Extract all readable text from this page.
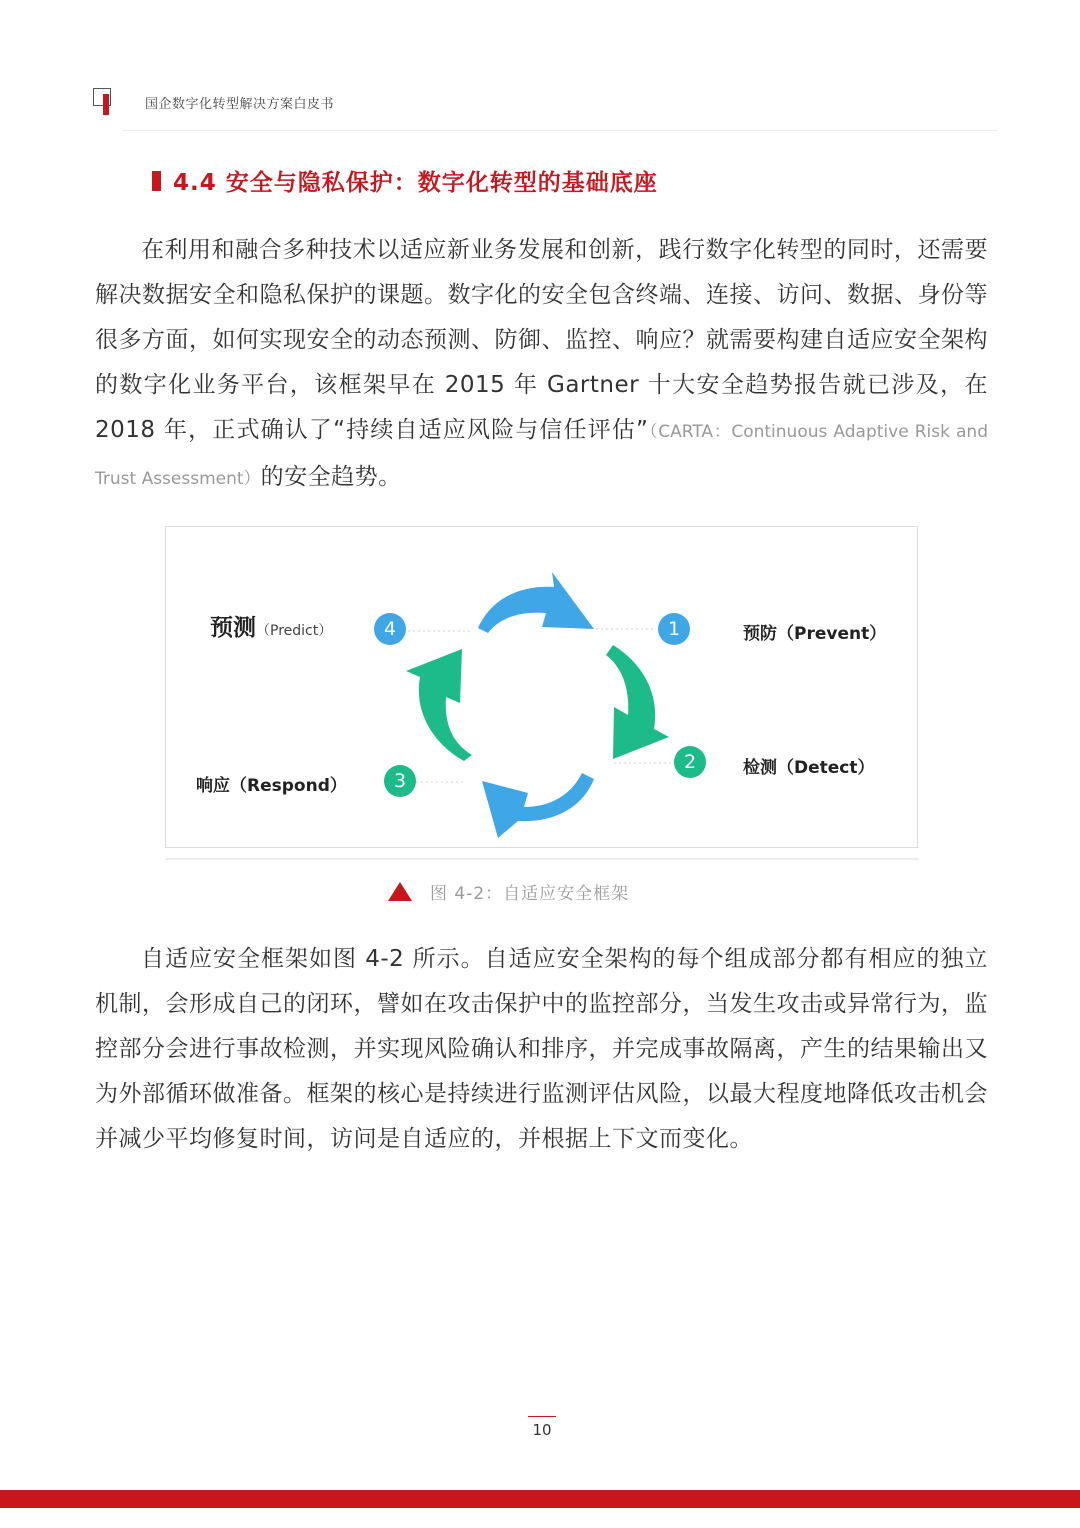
国企数字化转型解决方案白皮书
4.4 安全与隐私保护：数字化转型的基础底座

在利用和融合多种技术以适应新业务发展和创新，践行数字化转型的同时，还需要解决数据安全和隐私保护的课题。数字化的安全包含终端、连接、访问、数据、身份等很多方面，如何实现安全的动态预测、防御、监控、响应？就需要构建自适应安全架构的数字化业务平台，该框架早在 2015 年 Gartner 十大安全趋势报告就已涉及，在 2018 年，正式确认了“持续自适应风险与信任评估”（CARTA：Continuous Adaptive Risk and Trust Assessment）的安全趋势。

预测（Predict）	4	1	预防（Prevent）
2	检测（Detect）
3
响应（Respond）
图 4-2：自适应安全框架

自适应安全框架如图 4-2 所示。自适应安全架构的每个组成部分都有相应的独立机制，会形成自己的闭环，譬如在攻击保护中的监控部分，当发生攻击或异常行为，监控部分会进行事故检测，并实现风险确认和排序，并完成事故隔离，产生的结果输出又为外部循环做准备。框架的核心是持续进行监测评估风险，以最大程度地降低攻击机会并减少平均修复时间，访问是自适应的，并根据上下文而变化。

10
